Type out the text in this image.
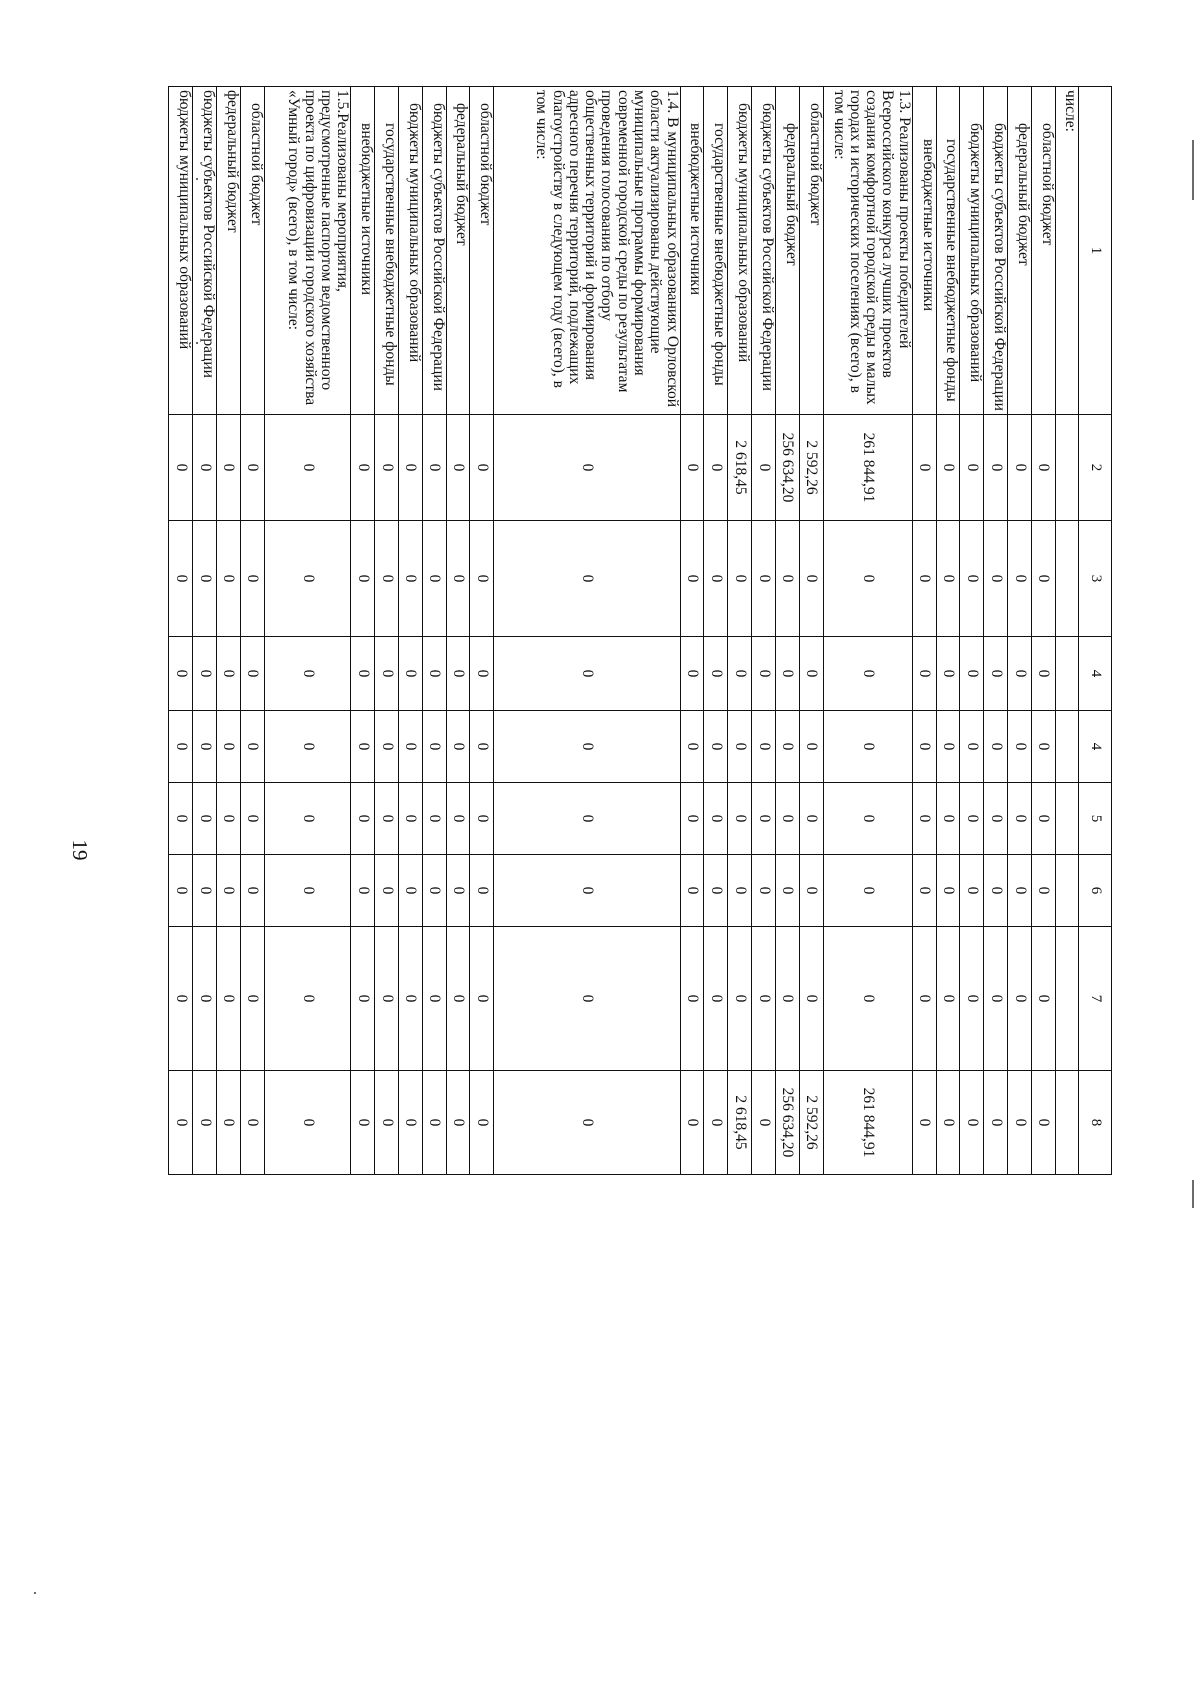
19
1	2	3	4	4	5	6	7	8
числе:								
областной бюджет	0	0	0	0	0	0	0	0
федеральный бюджет	0	0	0	0	0	0	0	0
бюджеты субъектов Российской Федерации	0	0	0	0	0	0	0	0
бюджеты муниципальных образований	0	0	0	0	0	0	0	0
государственные внебюджетные фонды	0	0	0	0	0	0	0	0
внебюджетные источники	0	0	0	0	0	0	0	0
1.3. Реализованы проекты победителей Всероссийского конкурса лучших проектов создания комфортной городской среды в малых городах и исторических поселениях (всего), в том числе:	261 844,91	0	0	0	0	0	0	261 844,91
областной бюджет	2 592,26	0	0	0	0	0	0	2 592,26
федеральный бюджет	256 634,20	0	0	0	0	0	0	256 634,20
бюджеты субъектов Российской Федерации	0	0	0	0	0	0	0	0
бюджеты муниципальных образований	2 618,45	0	0	0	0	0	0	2 618,45
государственные внебюджетные фонды	0	0	0	0	0	0	0	0
внебюджетные источники	0	0	0	0	0	0	0	0
1.4. В муниципальных образованиях Орловской области актуализированы действующие муниципальные программы формирования современной городской среды по результатам проведения голосования по отбору общественных территорий и формирования адресного перечня территорий, подлежащих благоустройству в следующем году (всего), в том числе:	0	0	0	0	0	0	0	0
областной бюджет	0	0	0	0	0	0	0	0
федеральный бюджет	0	0	0	0	0	0	0	0
бюджеты субъектов Российской Федерации	0	0	0	0	0	0	0	0
бюджеты муниципальных образований	0	0	0	0	0	0	0	0
государственные внебюджетные фонды	0	0	0	0	0	0	0	0
внебюджетные источники	0	0	0	0	0	0	0	0
1.5.Реализованы мероприятия, предусмотренные паспортом ведомственного проекта по цифровизации городского хозяйства «Умный город» (всего), в том числе:	0	0	0	0	0	0	0	0
областной бюджет	0	0	0	0	0	0	0	0
федеральный бюджет	0	0	0	0	0	0	0	0
бюджеты субъектов Российской Федерации	0	0	0	0	0	0	0	0
бюджеты муниципальных образований	0	0	0	0	0	0	0	0
